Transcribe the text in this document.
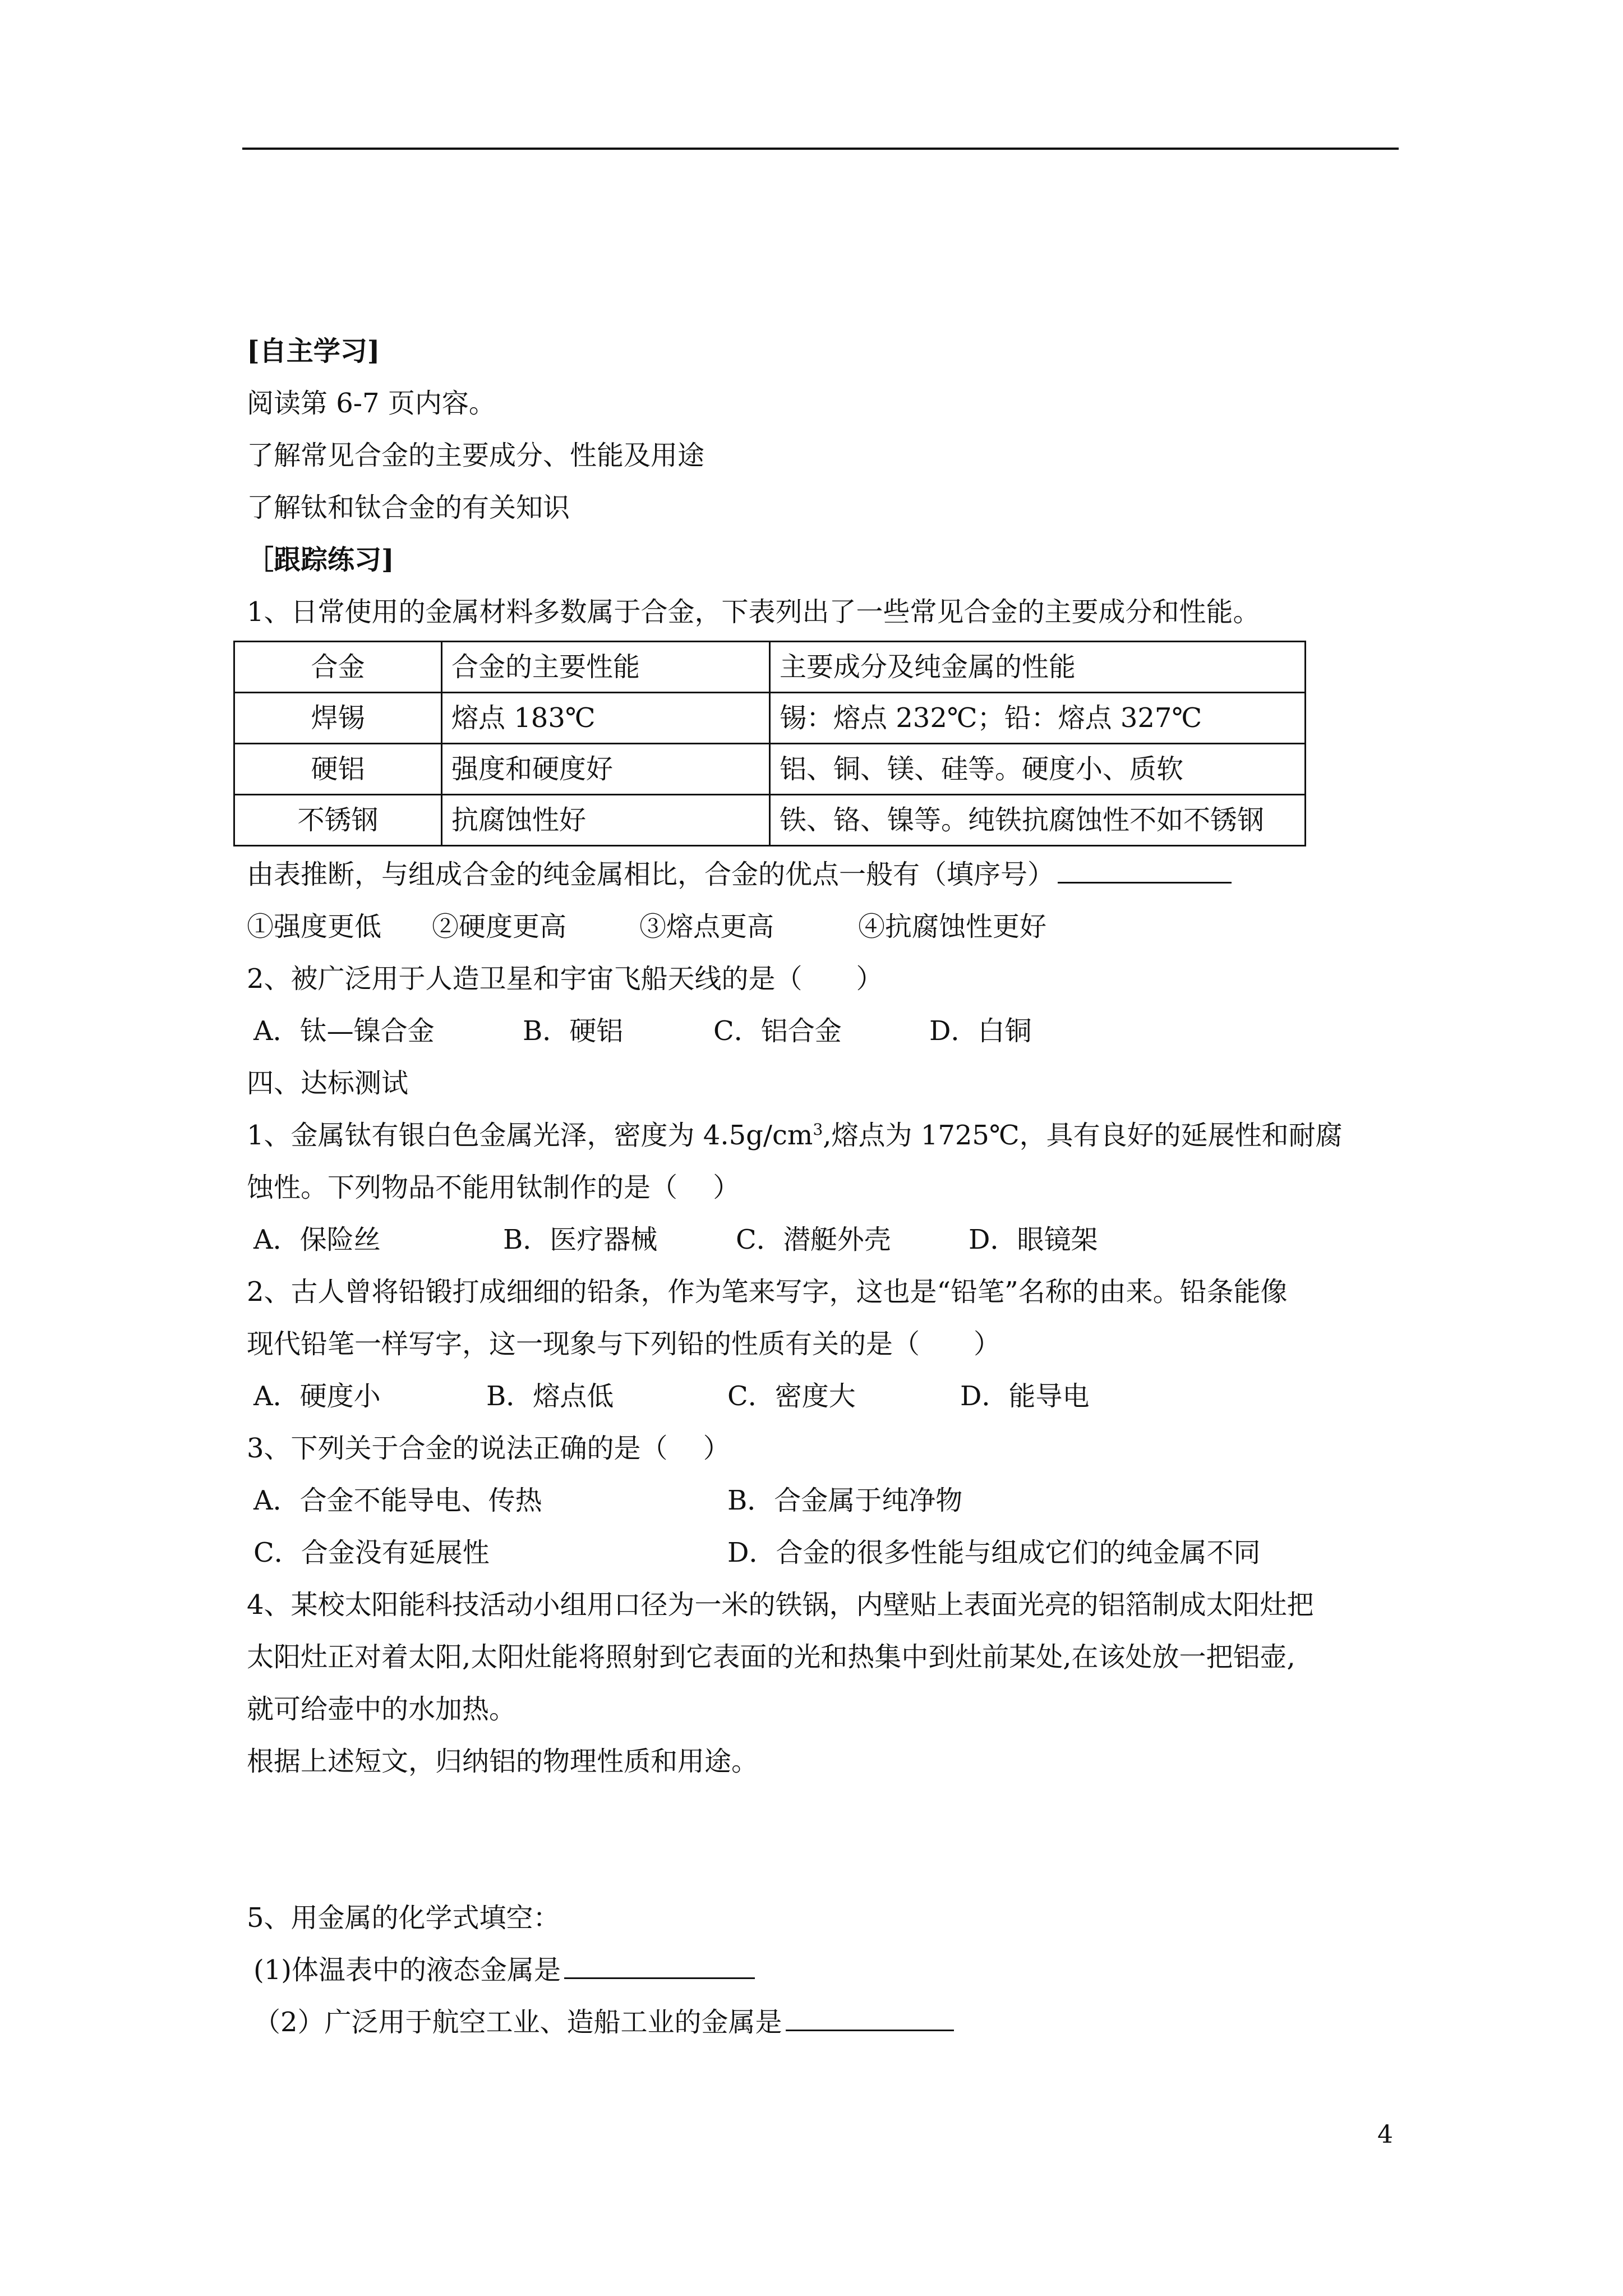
[自主学习]
阅读第 6-7 页内容。
了解常见合金的主要成分、性能及用途
了解钛和钛合金的有关知识
［跟踪练习]
1、日常使用的金属材料多数属于合金，下表列出了一些常见合金的主要成分和性能。
合金	合金的主要性能	主要成分及纯金属的性能
焊锡	熔点 183℃	锡：熔点 232℃；铅：熔点 327℃
硬铝	强度和硬度好	铝、铜、镁、硅等。硬度小、质软
不锈钢	抗腐蚀性好	铁、铬、镍等。纯铁抗腐蚀性不如不锈钢
由表推断，与组成合金的纯金属相比，合金的优点一般有（填序号）
①强度更低 ②硬度更高	③熔点更高	④抗腐蚀性更好
2、被广泛用于人造卫星和宇宙飞船天线的是（　　）
A．钛—镍合金	B．硬铝	C．铝合金	D．白铜
四、达标测试
1、金属钛有银白色金属光泽，密度为 $4.5g/cm^3$,熔点为 1725℃，具有良好的延展性和耐腐
蚀性。下列物品不能用钛制作的是（　 ）
A．保险丝	B．医疗器械	C．潜艇外壳	D．眼镜架
2、古人曾将铅锻打成细细的铅条，作为笔来写字，这也是“铅笔”名称的由来。铅条能像
现代铅笔一样写字，这一现象与下列铅的性质有关的是（　　）
A．硬度小	B．熔点低	C．密度大	D．能导电
3、下列关于合金的说法正确的是（　 ）
A．合金不能导电、传热	B．合金属于纯净物
C．合金没有延展性	D．合金的很多性能与组成它们的纯金属不同
4、某校太阳能科技活动小组用口径为一米的铁锅，内壁贴上表面光亮的铝箔制成太阳灶把
太阳灶正对着太阳,太阳灶能将照射到它表面的光和热集中到灶前某处,在该处放一把铝壶,
就可给壶中的水加热。
根据上述短文，归纳铝的物理性质和用途。
5、用金属的化学式填空：
(1)体温表中的液态金属是
（2）广泛用于航空工业、造船工业的金属是
4
